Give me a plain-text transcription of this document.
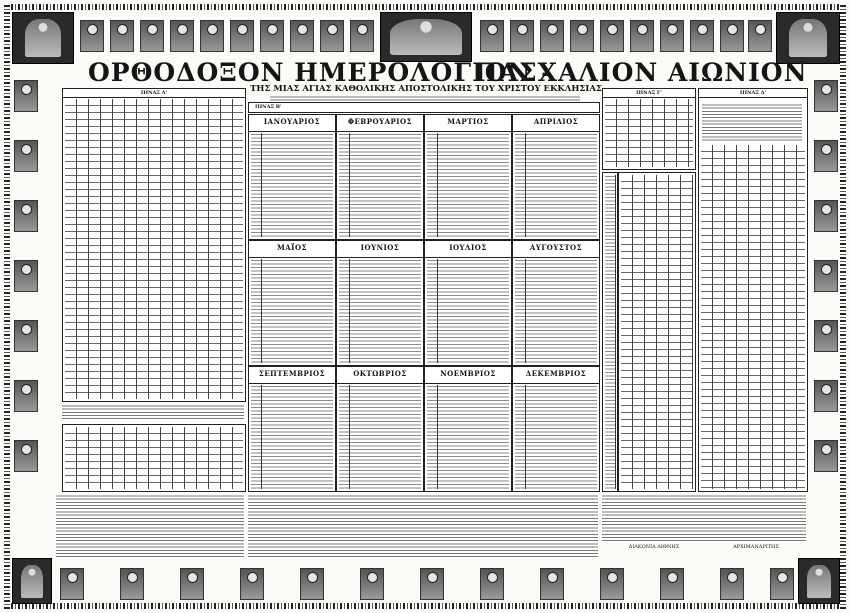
ΟΡΘΟΔΟΞΟΝ ΗΜΕΡΟΛΟΓΙΟΝ -
ΠΑΣΧΑΛΙΟΝ ΑΙΩΝΙΟΝ
ΤΗΣ ΜΙΑΣ ΑΓΙΑΣ ΚΑΘΟΛΙΚΗΣ ΑΠΟΣΤΟΛΙΚΗΣ ΤΟΥ ΧΡΙΣΤΟΥ ΕΚΚΛΗΣΙΑΣ
ΠΙΝΑΞ Α'
ΠΙΝΑΞ Β'
ΙΑΝΟΥΑΡΙΟΣ
	ΦΕΒΡΟΥΑΡΙΟΣ
	ΜΑΡΤΙΟΣ
	ΑΠΡΙΛΙΟΣ

ΜΑΪΟΣ
	ΙΟΥΝΙΟΣ
	ΙΟΥΛΙΟΣ
	ΑΥΓΟΥΣΤΟΣ

ΣΕΠΤΕΜΒΡΙΟΣ
	ΟΚΤΩΒΡΙΟΣ
	ΝΟΕΜΒΡΙΟΣ
	ΔΕΚΕΜΒΡΙΟΣ

ΠΙΝΑΞ Γ'	ΠΙΝΑΞ Δ'
ΔΙΑΚΟΝΙΑ ΑΙΘΝΗΣ	ΑΡΧΙΜΑΝΔΡΙΤΗΣ
